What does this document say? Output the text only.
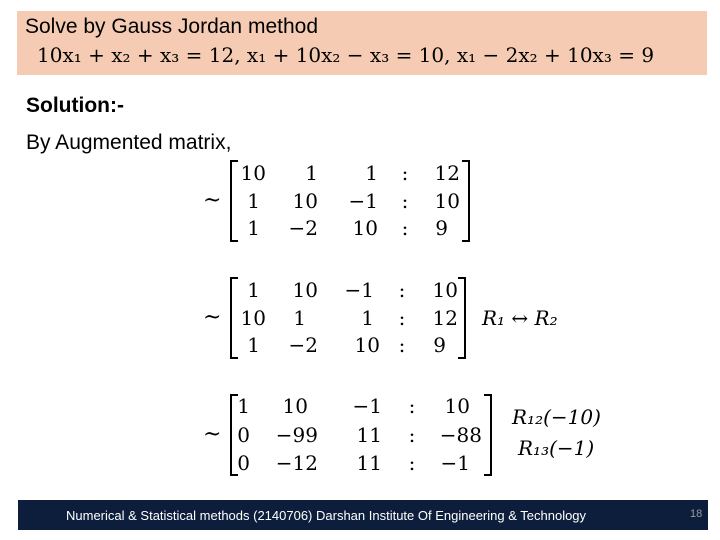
Solve by Gauss Jordan method
10x₁ + x₂ + x₃ = 12, x₁ + 10x₂ − x₃ = 10, x₁ − 2x₂ + 10x₃ = 9
Solution:-
By Augmented matrix,
~
10	1	1 :	12
1	10	−1 :	10
1	−2	10 :	9
~
1	10	−1 :	10
10	1	1 :	12
1	−2	10 :	9
R₁ ↔ R₂
~
1	10	−1 :	10
0	−99	11 :	−88
0	−12	11 :	−1
R₁₂(−10)
R₁₃(−1)
Numerical & Statistical methods (2140706) Darshan Institute Of Engineering & Technology	18
